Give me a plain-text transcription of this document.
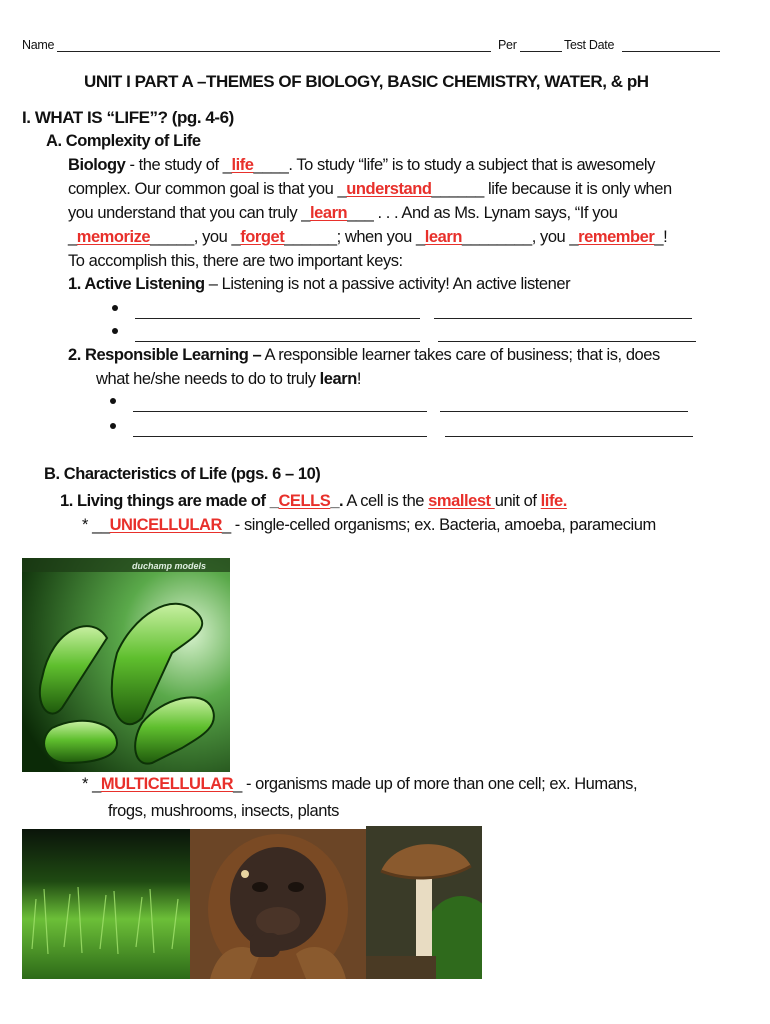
Name	Per	Test Date
UNIT I PART A –THEMES OF BIOLOGY, BASIC CHEMISTRY, WATER, & pH
I. WHAT IS “LIFE”? (pg. 4-6)
A. Complexity of Life
Biology - the study of _life____. To study “life” is to study a subject that is awesomely
complex. Our common goal is that you _understand______ life because it is only when
you understand that you can truly _learn___ . . . And as Ms. Lynam says, “If you
_memorize_____, you _forget______; when you _learn________, you _remember_!
To accomplish this, there are two important keys:
1. Active Listening – Listening is not a passive activity! An active listener
2. Responsible Learning – A responsible learner takes care of business; that is, does
what he/she needs to do to truly learn!
B. Characteristics of Life (pgs. 6 – 10)
1. Living things are made of _CELLS_. A cell is the smallest unit of life.
* __UNICELLULAR_ - single-celled organisms; ex. Bacteria, amoeba, paramecium
duchamp models
* _MULTICELLULAR_ - organisms made up of more than one cell; ex. Humans,
frogs, mushrooms, insects, plants
